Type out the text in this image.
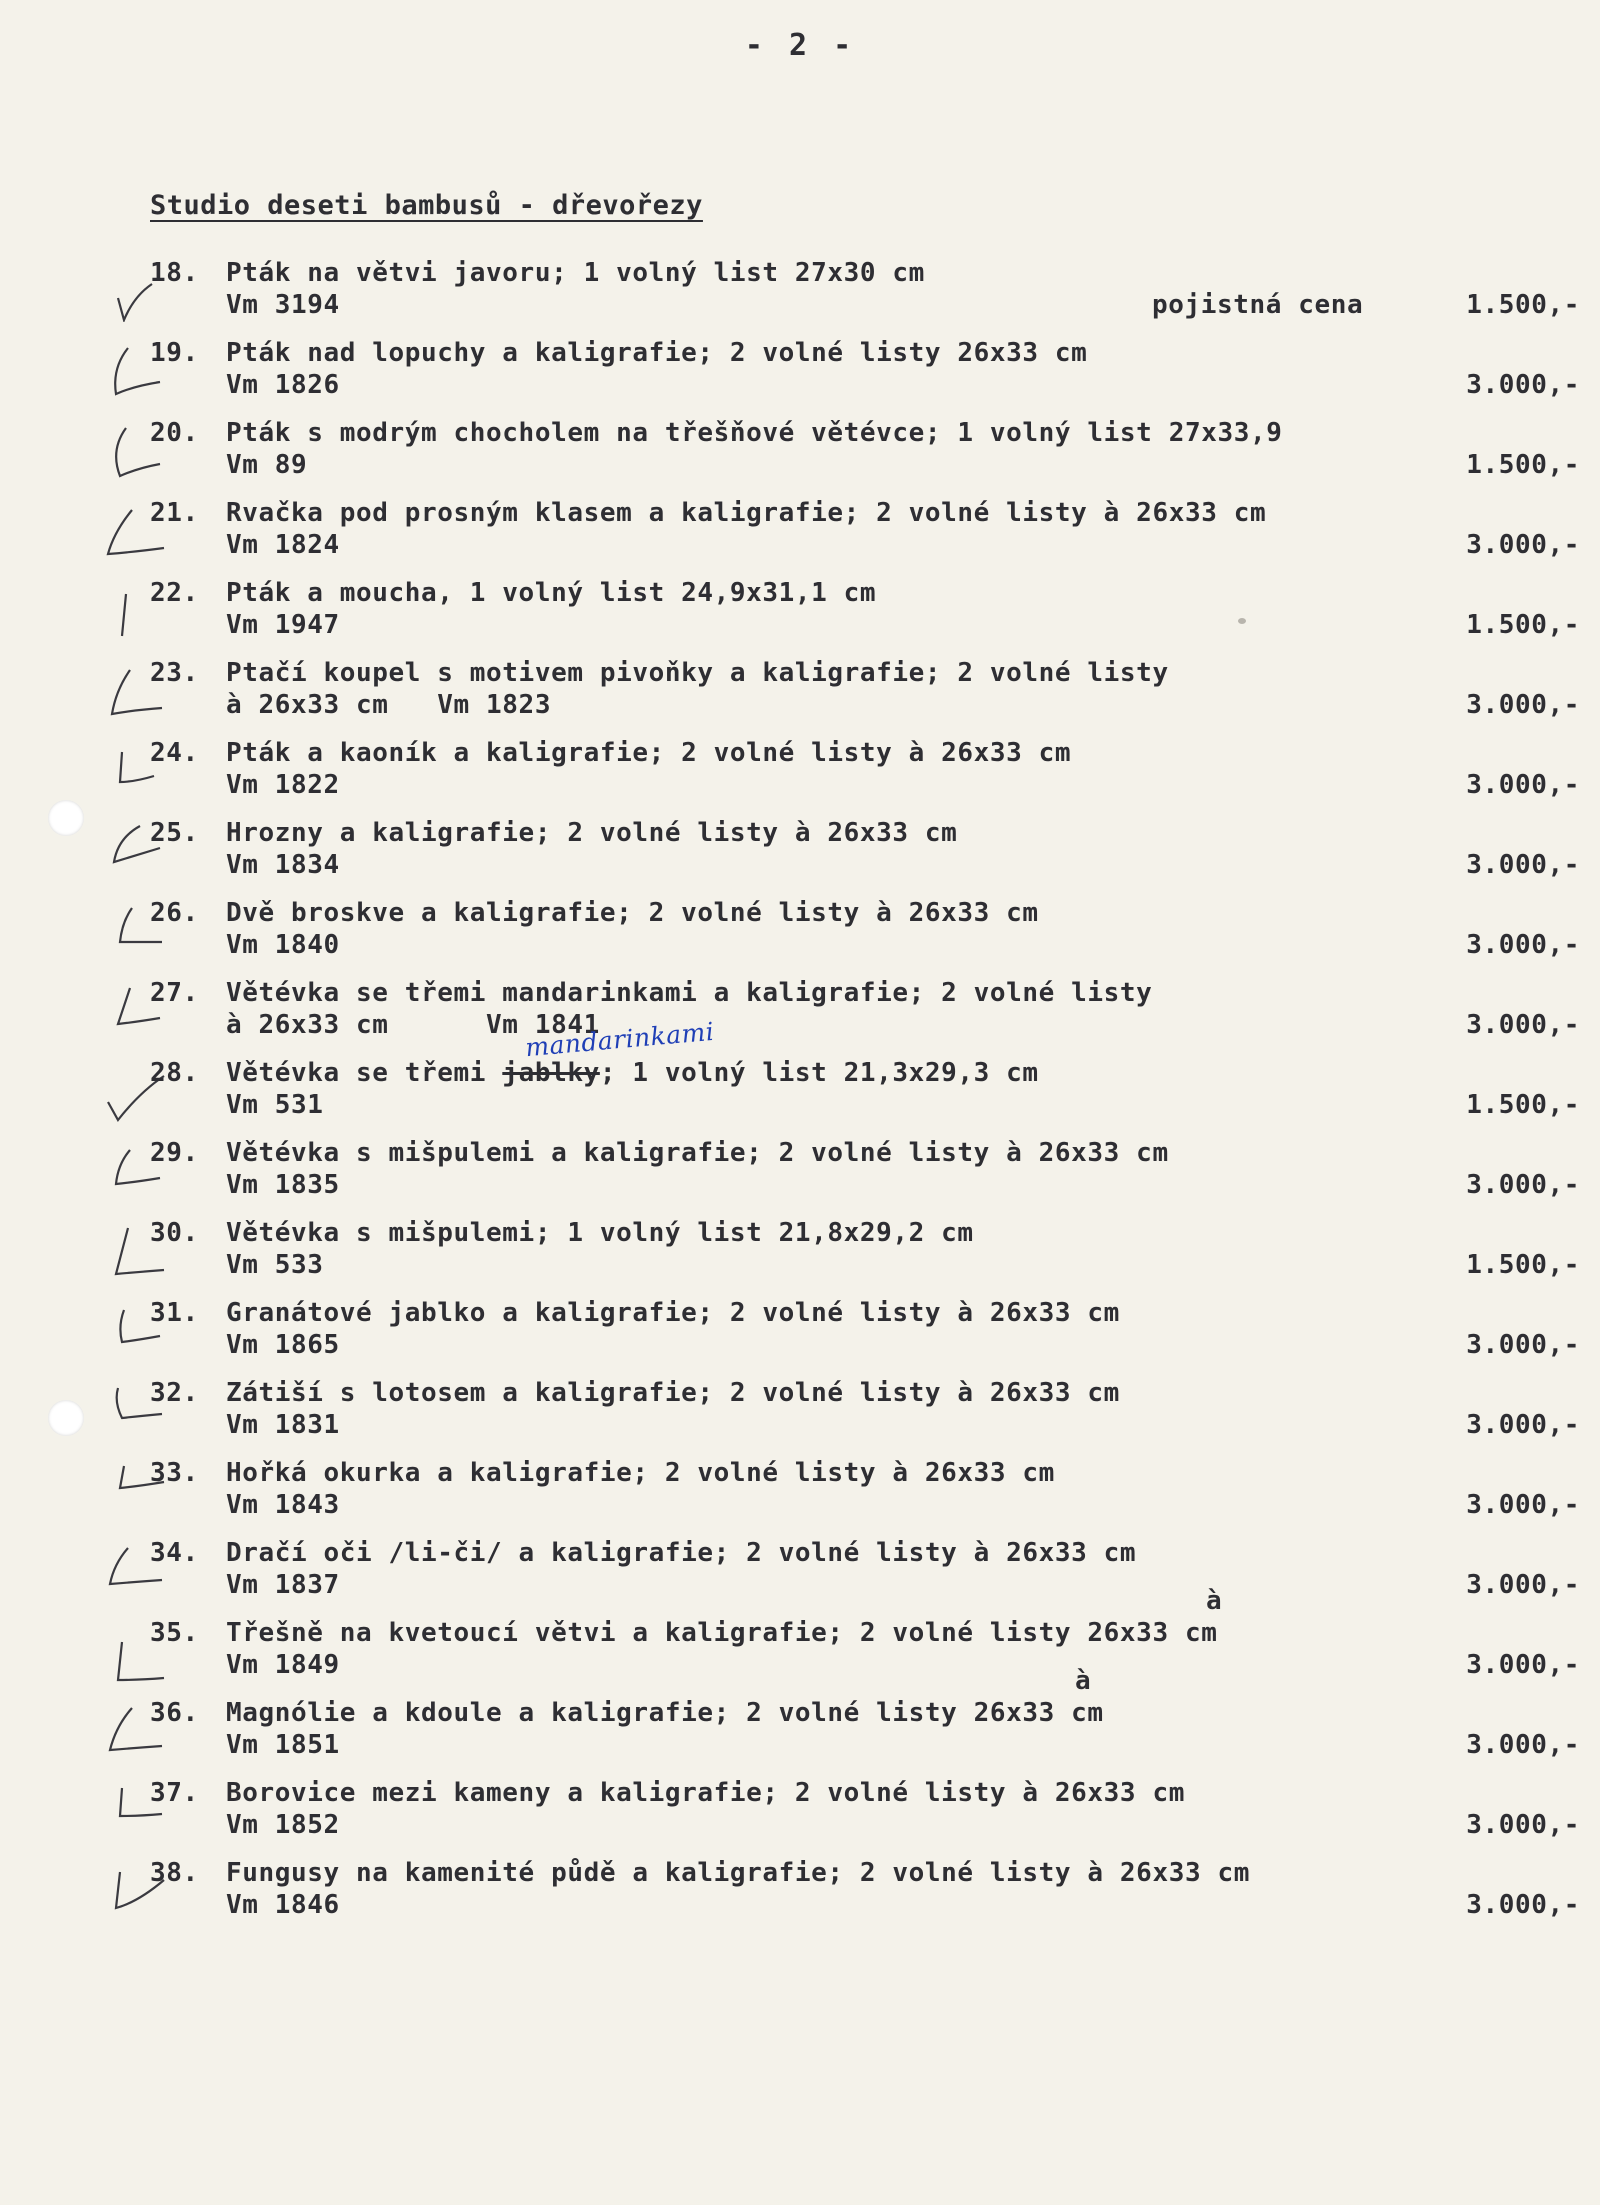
- 2 -
Studio deseti bambusů - dřevořezy
18. Pták na větvi javoru; 1 volný list 27x30 cm
Vm 3194	pojistná cena	1.500,-
19. Pták nad lopuchy a kaligrafie; 2 volné listy 26x33 cm
Vm 1826	3.000,-
20. Pták s modrým chocholem na třešňové větévce; 1 volný list 27x33,9
Vm 89	1.500,-
21. Rvačka pod prosným klasem a kaligrafie; 2 volné listy à 26x33 cm
Vm 1824	3.000,-
22. Pták a moucha, 1 volný list 24,9x31,1 cm
Vm 1947	1.500,-
23. Ptačí koupel s motivem pivoňky a kaligrafie; 2 volné listy
à 26x33 cm   Vm 1823	3.000,-
24. Pták a kaoník a kaligrafie; 2 volné listy à 26x33 cm
Vm 1822	3.000,-
25. Hrozny a kaligrafie; 2 volné listy à 26x33 cm
Vm 1834	3.000,-
26. Dvě broskve a kaligrafie; 2 volné listy à 26x33 cm
Vm 1840	3.000,-
27. Větévka se třemi mandarinkami a kaligrafie; 2 volné listy
à 26x33 cm      Vm 1841	3.000,-
28. Větévka se třemi jablky; 1 volný list 21,3x29,3 cm
Vm 531	1.500,-
29. Větévka s mišpulemi a kaligrafie; 2 volné listy à 26x33 cm
Vm 1835	3.000,-
30. Větévka s mišpulemi; 1 volný list 21,8x29,2 cm
Vm 533	1.500,-
31. Granátové jablko a kaligrafie; 2 volné listy à 26x33 cm
Vm 1865	3.000,-
32. Zátiší s lotosem a kaligrafie; 2 volné listy à 26x33 cm
Vm 1831	3.000,-
33. Hořká okurka a kaligrafie; 2 volné listy à 26x33 cm
Vm 1843	3.000,-
34. Dračí oči /li-či/ a kaligrafie; 2 volné listy à 26x33 cm
Vm 1837	3.000,-
à
35. Třešně na kvetoucí větvi a kaligrafie; 2 volné listy 26x33 cm
Vm 1849	3.000,-
à
36. Magnólie a kdoule a kaligrafie; 2 volné listy 26x33 cm
Vm 1851	3.000,-
37. Borovice mezi kameny a kaligrafie; 2 volné listy à 26x33 cm
Vm 1852	3.000,-
38. Fungusy na kamenité půdě a kaligrafie; 2 volné listy à 26x33 cm
Vm 1846	3.000,-
mandarinkami
